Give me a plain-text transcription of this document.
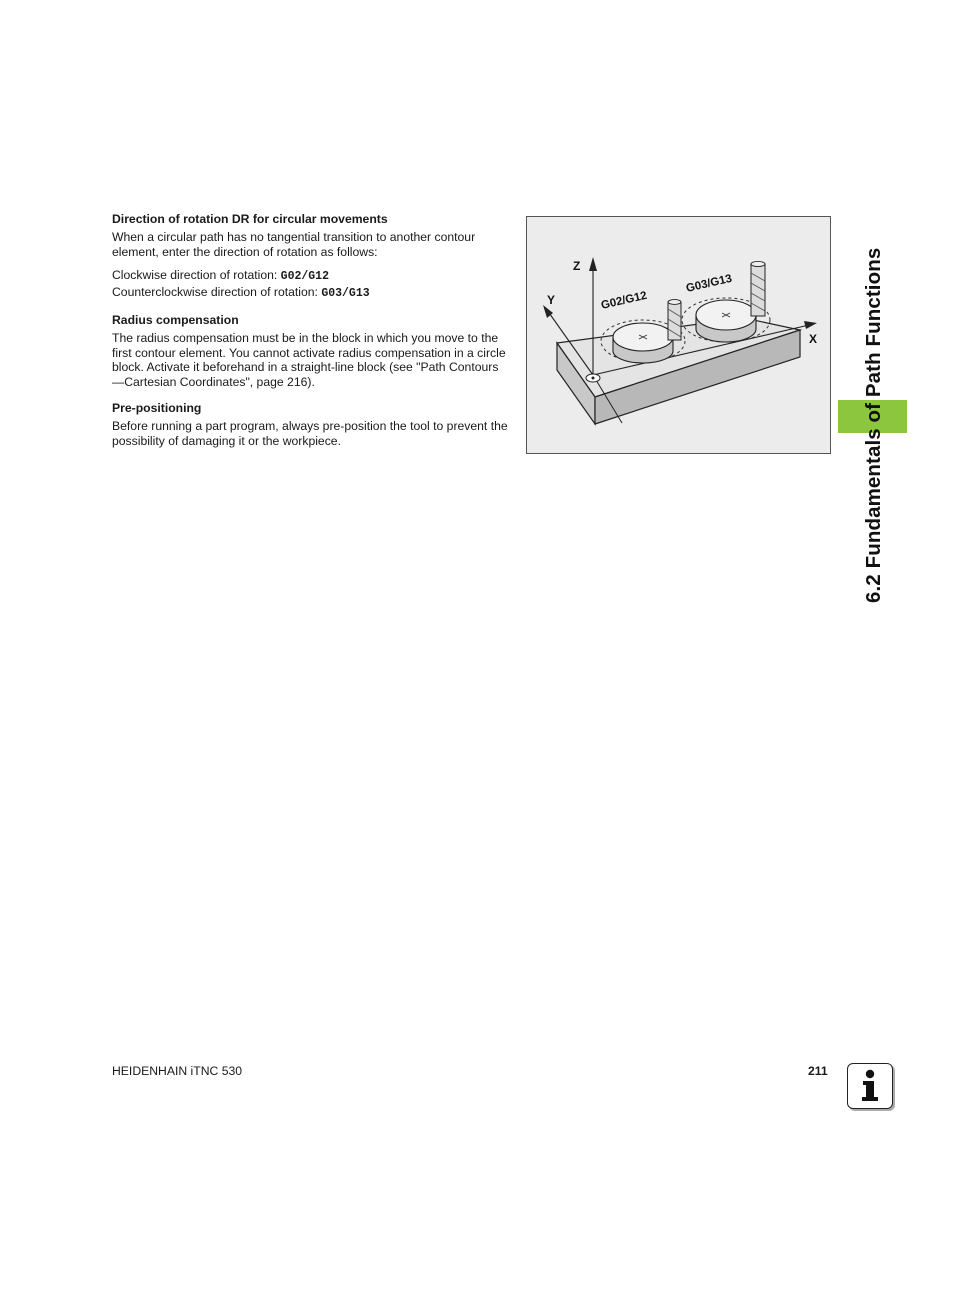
Direction of rotation DR for circular movements
When a circular path has no tangential transition to another contour element, enter the direction of rotation as follows:
Clockwise direction of rotation: G02/G12
Counterclockwise direction of rotation: G03/G13
Radius compensation
The radius compensation must be in the block in which you move to the first contour element. You cannot activate radius compensation in a circle block. Activate it beforehand in a straight-line block (see "Path Contours—Cartesian Coordinates", page 216).
Pre-positioning
Before running a part program, always pre-position the tool to prevent the possibility of damaging it or the workpiece.
Z
Y
X
G02/G12
G03/G13	6.2 Fundamentals of Path Functions
HEIDENHAIN iTNC 530	211
